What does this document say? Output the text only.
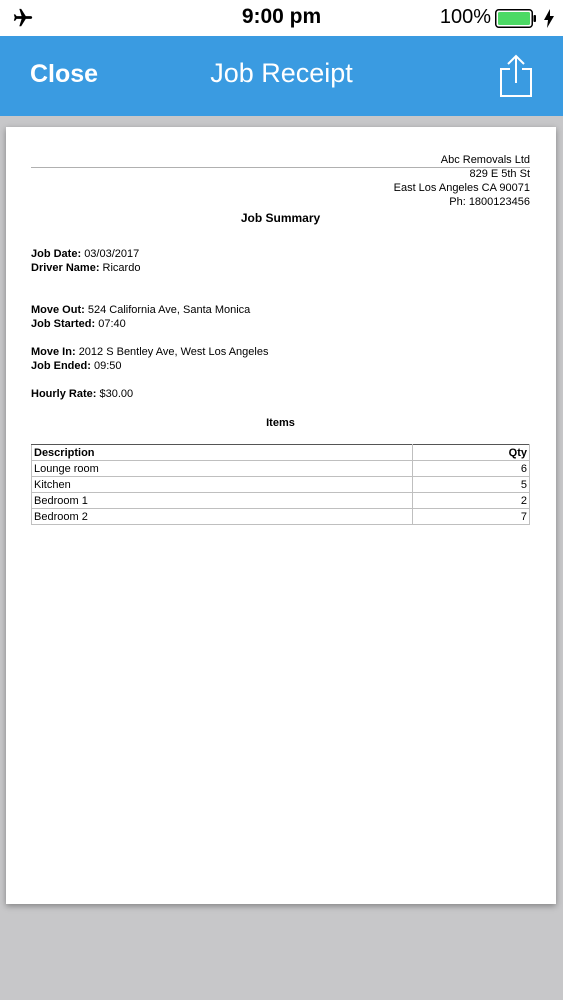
9:00 pm	100%
Close	Job Receipt
Abc Removals Ltd
829 E 5th St
East Los Angeles CA 90071
Ph: 1800123456
Job Summary
Job Date: 03/03/2017
Driver Name: Ricardo
Move Out: 524 California Ave, Santa Monica
Job Started: 07:40
Move In: 2012 S Bentley Ave, West Los Angeles
Job Ended: 09:50
Hourly Rate: $30.00
Items
Description	Qty
Lounge room	6
Kitchen	5
Bedroom 1	2
Bedroom 2	7
